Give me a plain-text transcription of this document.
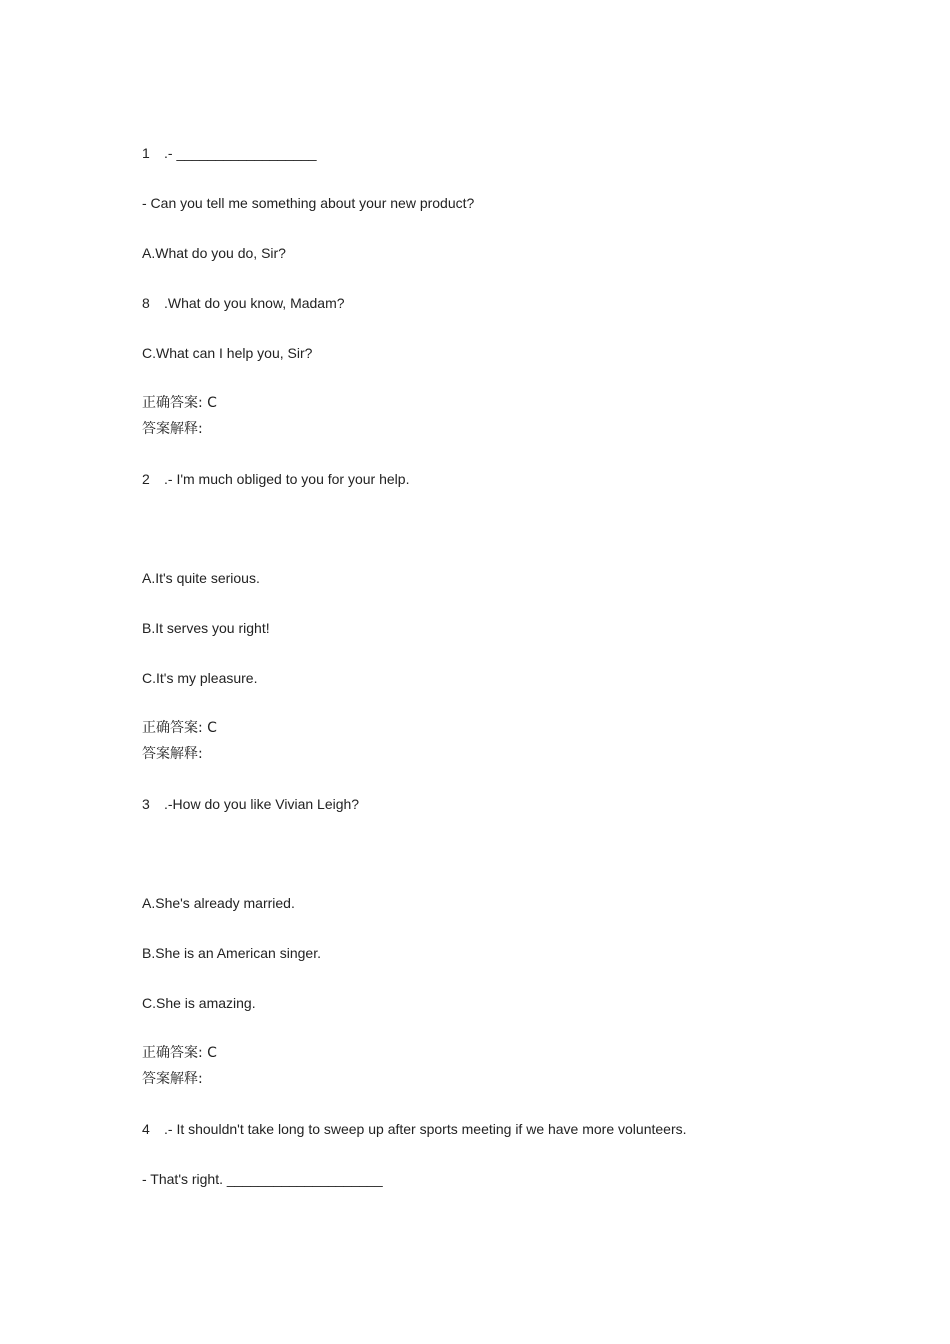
1 .- __________________
- Can you tell me something about your new product?
A.What do you do, Sir?
8 .What do you know, Madam?
C.What can I help you, Sir?
正确答案: C
答案解释:
2 .- I'm much obliged to you for your help.
A.It's quite serious.
B.It serves you right!
C.It's my pleasure.
正确答案: C
答案解释:
3 .-How do you like Vivian Leigh?
A.She's already married.
B.She is an American singer.
C.She is amazing.
正确答案: C
答案解释:
4 .- It shouldn't take long to sweep up after sports meeting if we have more volunteers.
- That's right. ____________________
